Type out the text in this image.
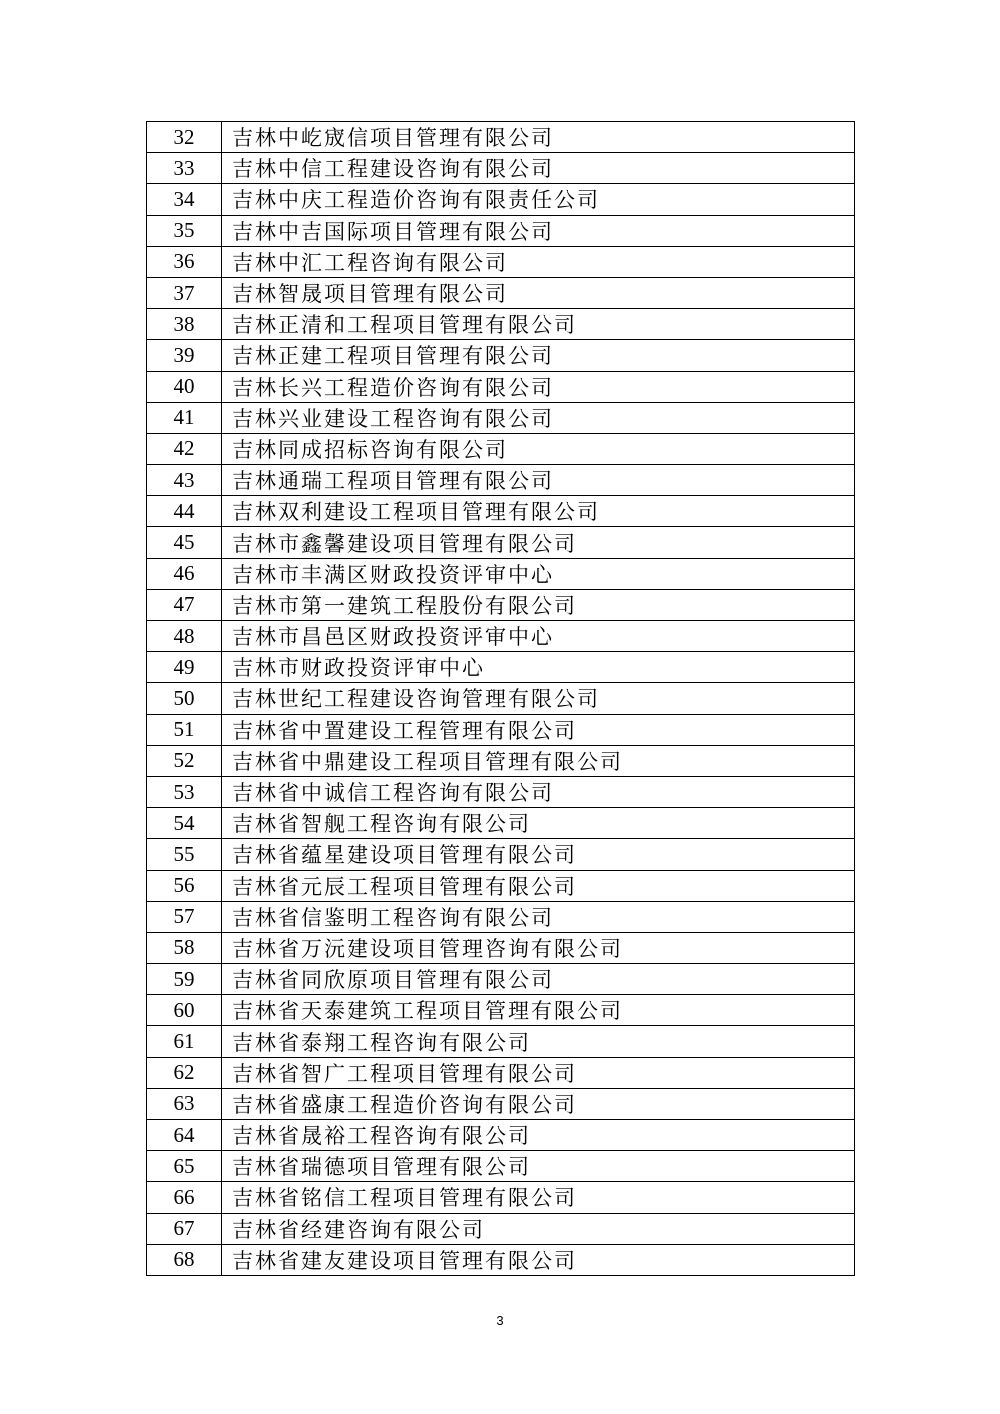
32	吉林中屹宬信项目管理有限公司
33	吉林中信工程建设咨询有限公司
34	吉林中庆工程造价咨询有限责任公司
35	吉林中吉国际项目管理有限公司
36	吉林中汇工程咨询有限公司
37	吉林智晟项目管理有限公司
38	吉林正清和工程项目管理有限公司
39	吉林正建工程项目管理有限公司
40	吉林长兴工程造价咨询有限公司
41	吉林兴业建设工程咨询有限公司
42	吉林同成招标咨询有限公司
43	吉林通瑞工程项目管理有限公司
44	吉林双利建设工程项目管理有限公司
45	吉林市鑫馨建设项目管理有限公司
46	吉林市丰满区财政投资评审中心
47	吉林市第一建筑工程股份有限公司
48	吉林市昌邑区财政投资评审中心
49	吉林市财政投资评审中心
50	吉林世纪工程建设咨询管理有限公司
51	吉林省中置建设工程管理有限公司
52	吉林省中鼎建设工程项目管理有限公司
53	吉林省中诚信工程咨询有限公司
54	吉林省智舰工程咨询有限公司
55	吉林省蕴星建设项目管理有限公司
56	吉林省元辰工程项目管理有限公司
57	吉林省信鉴明工程咨询有限公司
58	吉林省万沅建设项目管理咨询有限公司
59	吉林省同欣原项目管理有限公司
60	吉林省天泰建筑工程项目管理有限公司
61	吉林省泰翔工程咨询有限公司
62	吉林省智广工程项目管理有限公司
63	吉林省盛康工程造价咨询有限公司
64	吉林省晟裕工程咨询有限公司
65	吉林省瑞德项目管理有限公司
66	吉林省铭信工程项目管理有限公司
67	吉林省经建咨询有限公司
68	吉林省建友建设项目管理有限公司
3
